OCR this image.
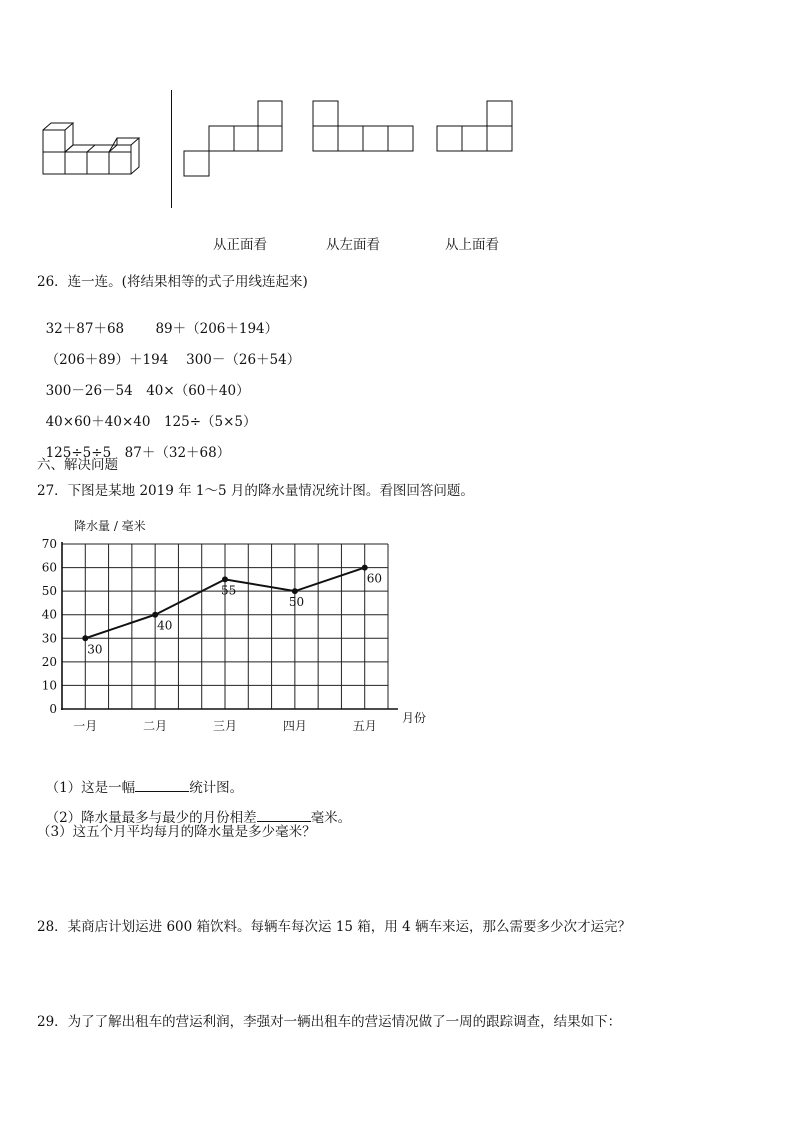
从正面看	从左面看	从上面看
26．连一连。(将结果相等的式子用线连起来)

32＋87＋68　　 89＋（206＋194）

（206＋89）＋194　 300－（26＋54）

300－26－54　 40×（60＋40）

40×60＋40×40　 125÷（5×5）

125÷5÷5　 87＋（32＋68）

六、解决问题
27．下图是某地 2019 年 1～5 月的降水量情况统计图。看图回答问题。
0
10
20
30
40
50
60
70
降水量 / 毫米
月份
一月	二月	三月	四月	五月
30
40
55
50
60

（1）这是一幅	统计图。

（2）降水量最多与最少的月份相差	毫米。

（3）这五个月平均每月的降水量是多少毫米？
28．某商店计划运进 600 箱饮料。每辆车每次运 15 箱，用 4 辆车来运，那么需要多少次才运完？
29．为了了解出租车的营运利润，李强对一辆出租车的营运情况做了一周的跟踪调查，结果如下：
